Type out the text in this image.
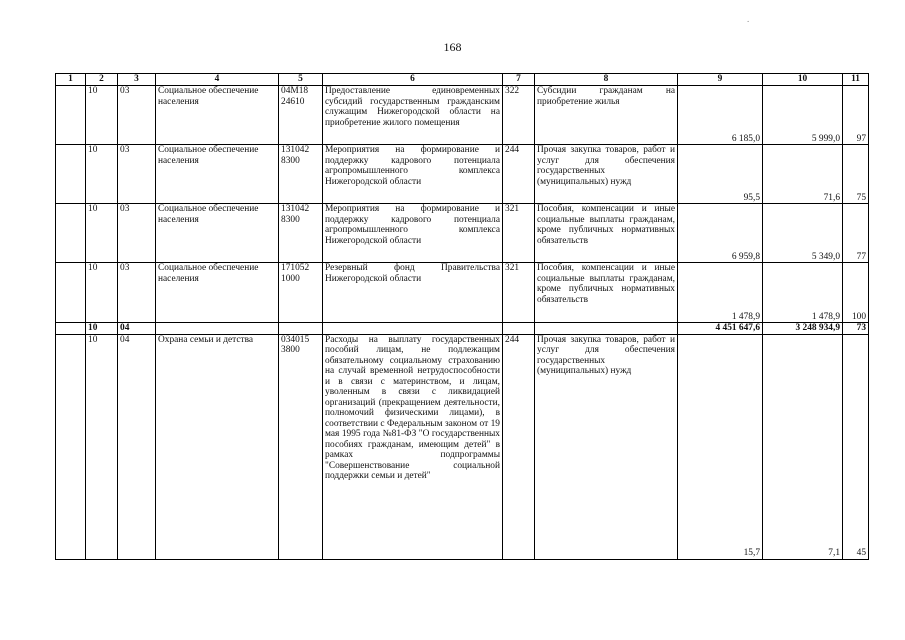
.
168
1	2	3	4	5	6	7	8	9	10	11
	10	03	Социальное обеспечение населения	04М18 24610	Предоставление единовременных субсидий государственным гражданским служащим Нижегородской области на приобретение жилого помещения	322	Субсидии гражданам на приобретение жилья	6 185,0	5 999,0	97
	10	03	Социальное обеспечение населения	131042 8300	Мероприятия на формирование и поддержку кадрового потенциала агропромышленного комплекса Нижегородской области	244	Прочая закупка товаров, работ и услуг для обеспечения государственных (муниципальных) нужд	95,5	71,6	75
	10	03	Социальное обеспечение населения	131042 8300	Мероприятия на формирование и поддержку кадрового потенциала агропромышленного комплекса Нижегородской области	321	Пособия, компенсации и иные социальные выплаты гражданам, кроме публичных нормативных обязательств	6 959,8	5 349,0	77
	10	03	Социальное обеспечение населения	171052 1000	Резервный фонд Правительства Нижегородской области	321	Пособия, компенсации и иные социальные выплаты гражданам, кроме публичных нормативных обязательств	1 478,9	1 478,9	100
	10	04						4 451 647,6	3 248 934,9	73
	10	04	Охрана семьи и детства	034015 3800	Расходы на выплату государственных пособий лицам, не подлежащим обязательному социальному страхованию на случай временной нетрудоспособности и в связи с материнством, и лицам, уволенным в связи с ликвидацией организаций (прекращением деятельности, полномочий физическими лицами), в соответствии с Федеральным законом от 19 мая 1995 года №81-ФЗ "О государственных пособиях гражданам, имеющим детей" в рамках подпрограммы "Совершенствование социальной поддержки семьи и детей"	244	Прочая закупка товаров, работ и услуг для обеспечения государственных (муниципальных) нужд	15,7	7,1	45
